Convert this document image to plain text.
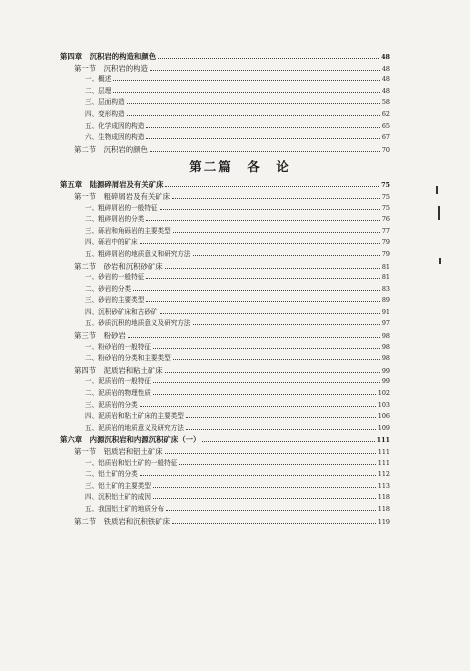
第四章　沉积岩的构造和颜色	48
第一节　沉积岩的构造	48
一、概述	48
二、层理	48
三、层面构造	58
四、变形构造	62
五、化学成因的构造	65
六、生物成因的构造	67
第二节　沉积岩的颜色	70
第二篇　各　论
第五章　陆源碎屑岩及有关矿床	75
第一节　粗碎屑岩及有关矿床	75
一、粗碎屑岩的一般特征	75
二、粗碎屑岩的分类	76
三、砾岩和角砾岩的主要类型	77
四、砾岩中的矿床	79
五、粗碎屑岩的地质意义和研究方法	79
第二节　砂岩和沉积砂矿床	81
一、砂岩的一般特征	81
二、砂岩的分类	83
三、砂岩的主要类型	89
四、沉积砂矿床和古砂矿	91
五、砂质沉积的地质意义及研究方法	97
第三节　粉砂岩	98
一、粉砂岩的一般特征	98
二、粉砂岩的分类和主要类型	98
第四节　泥质岩和粘土矿床	99
一、泥质岩的一般特征	99
二、泥质岩的物理性质	102
三、泥质岩的分类	103
四、泥质岩和粘土矿床的主要类型	106
五、泥质岩的地质意义及研究方法	109
第六章　内源沉积岩和内源沉积矿床（一）	111
第一节　铝质岩和铝土矿床	111
一、铝质岩和铝土矿的一般特征	111
二、铝土矿的分类	112
三、铝土矿的主要类型	113
四、沉积铝土矿的成因	118
五、我国铝土矿的地质分布	118
第二节　铁质岩和沉积铁矿床	119
